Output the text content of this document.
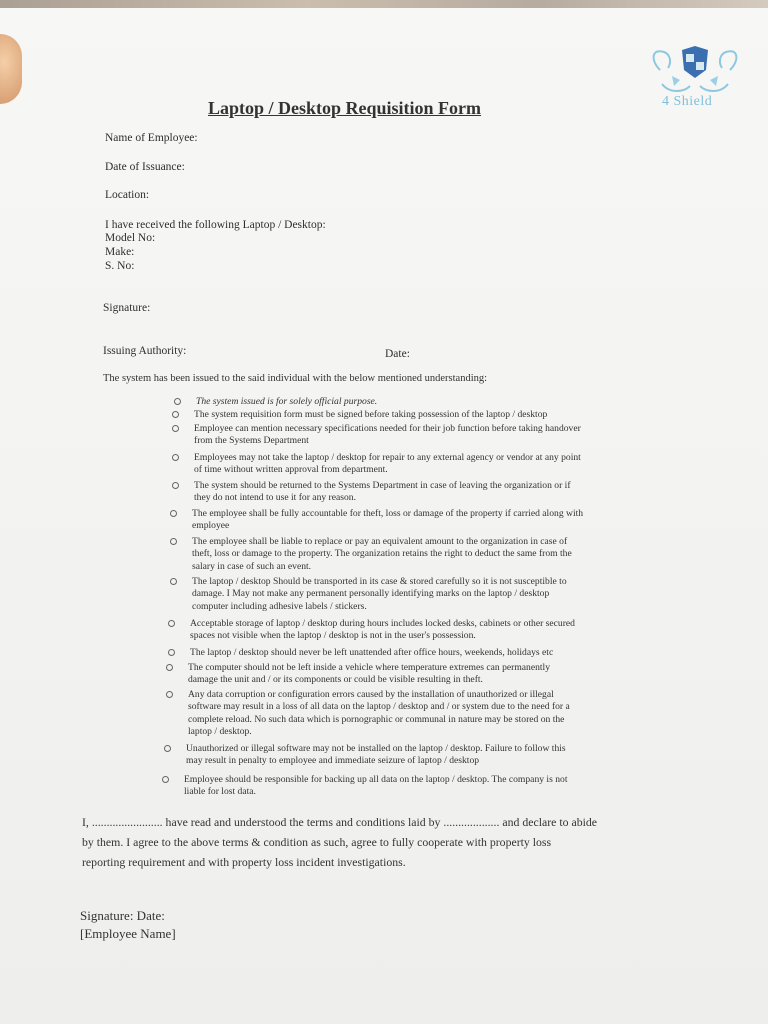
4 Shield
Laptop / Desktop Requisition Form
Name of Employee:
Date of Issuance:
Location:
I have received the following Laptop / Desktop:
Model No:
Make:
S. No:
Signature:
Issuing Authority:	Date:
The system has been issued to the said individual with the below mentioned understanding:
The system issued is for solely official purpose.
The system requisition form must be signed before taking possession of the laptop / desktop
Employee can mention necessary specifications needed for their job function before taking handover
from the Systems Department
Employees may not take the laptop / desktop for repair to any external agency or vendor at any point
of time without written approval from department.
The system should be returned to the Systems Department in case of leaving the organization or if
they do not intend to use it for any reason.
The employee shall be fully accountable for theft, loss or damage of the property if carried along with
employee
The employee shall be liable to replace or pay an equivalent amount to the organization in case of
theft, loss or damage to the property. The organization retains the right to deduct the same from the
salary in case of such an event.
The laptop / desktop Should be transported in its case & stored carefully so it is not susceptible to
damage. I May not make any permanent personally identifying marks on the laptop / desktop
computer including adhesive labels / stickers.
Acceptable storage of laptop / desktop during hours includes locked desks, cabinets or other secured
spaces not visible when the laptop / desktop is not in the user's possession.
The laptop / desktop should never be left unattended after office hours, weekends, holidays etc
The computer should not be left inside a vehicle where temperature extremes can permanently
damage the unit and / or its components or could be visible resulting in theft.
Any data corruption or configuration errors caused by the installation of unauthorized or illegal
software may result in a loss of all data on the laptop / desktop and / or system due to the need for a
complete reload. No such data which is pornographic or communal in nature may be stored on the
laptop / desktop.
Unauthorized or illegal software may not be installed on the laptop / desktop. Failure to follow this
may result in penalty to employee and immediate seizure of laptop / desktop
Employee should be responsible for backing up all data on the laptop / desktop. The company is not
liable for lost data.
I, ........................ have read and understood the terms and conditions laid by ................... and declare to abide
by them. I agree to the above terms & condition as such, agree to fully cooperate with property loss
reporting requirement and with property loss incident investigations.
Signature: Date:
[Employee Name]
